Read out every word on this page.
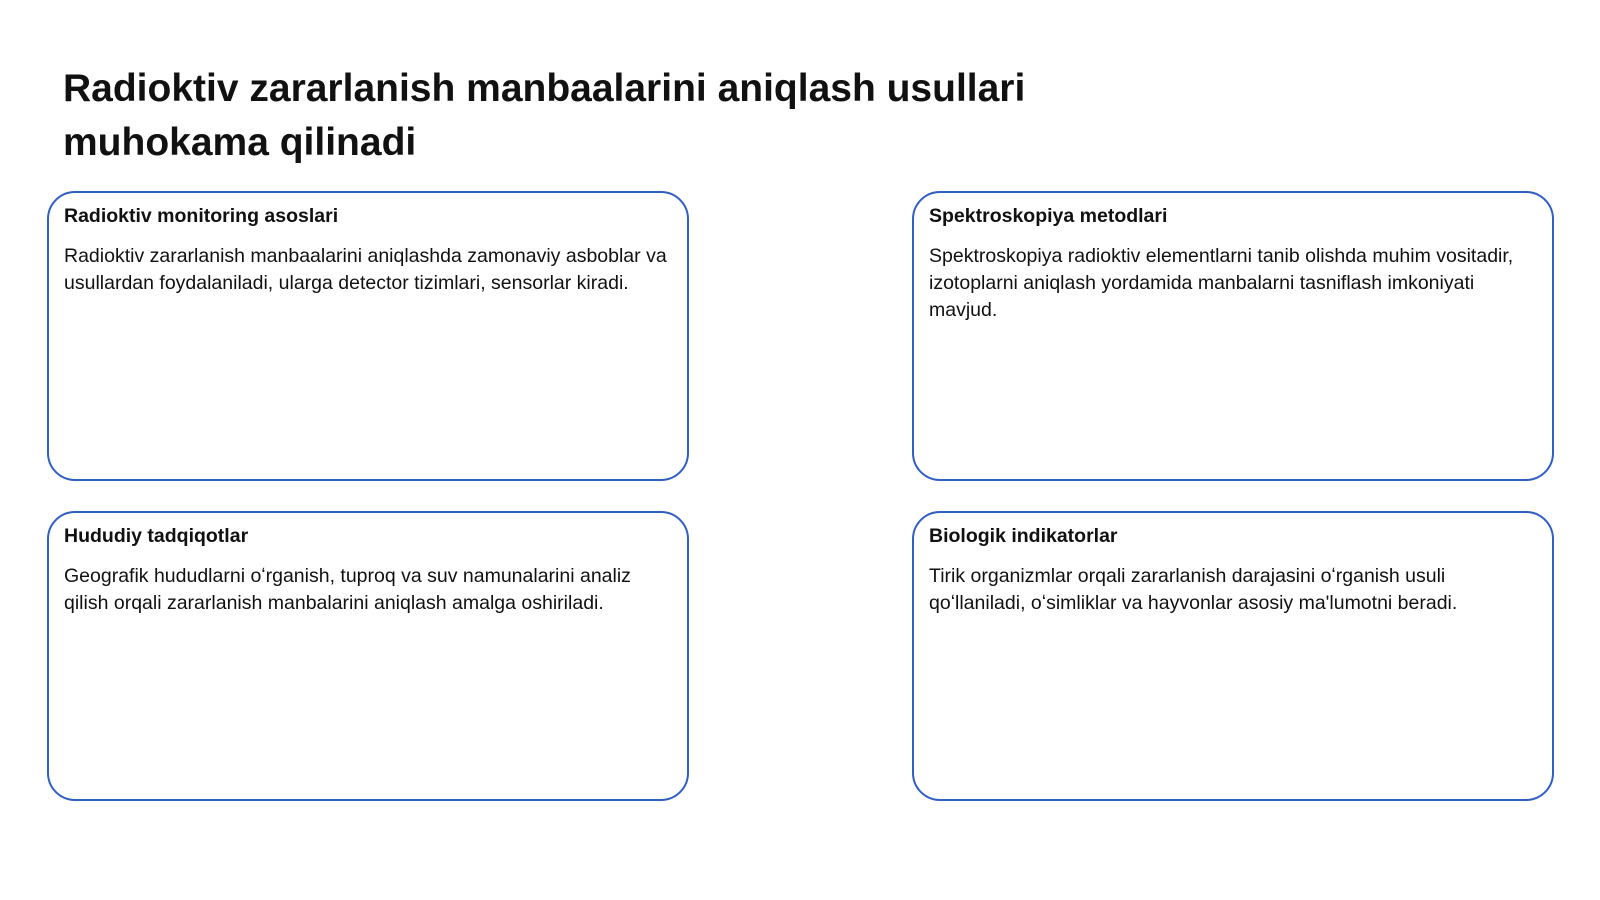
Radioktiv zararlanish manbaalarini aniqlash usullari muhokama qilinadi
Radioktiv monitoring asoslari

Radioktiv zararlanish manbaalarini aniqlashda zamonaviy asboblar va usullardan foydalaniladi, ularga detector tizimlari, sensorlar kiradi.

Spektroskopiya metodlari

Spektroskopiya radioktiv elementlarni tanib olishda muhim vositadir, izotoplarni aniqlash yordamida manbalarni tasniflash imkoniyati mavjud.

Hududiy tadqiqotlar

Geografik hududlarni oʻrganish, tuproq va suv namunalarini analiz qilish orqali zararlanish manbalarini aniqlash amalga oshiriladi.

Biologik indikatorlar

Tirik organizmlar orqali zararlanish darajasini oʻrganish usuli qoʻllaniladi, oʻsimliklar va hayvonlar asosiy ma'lumotni beradi.
